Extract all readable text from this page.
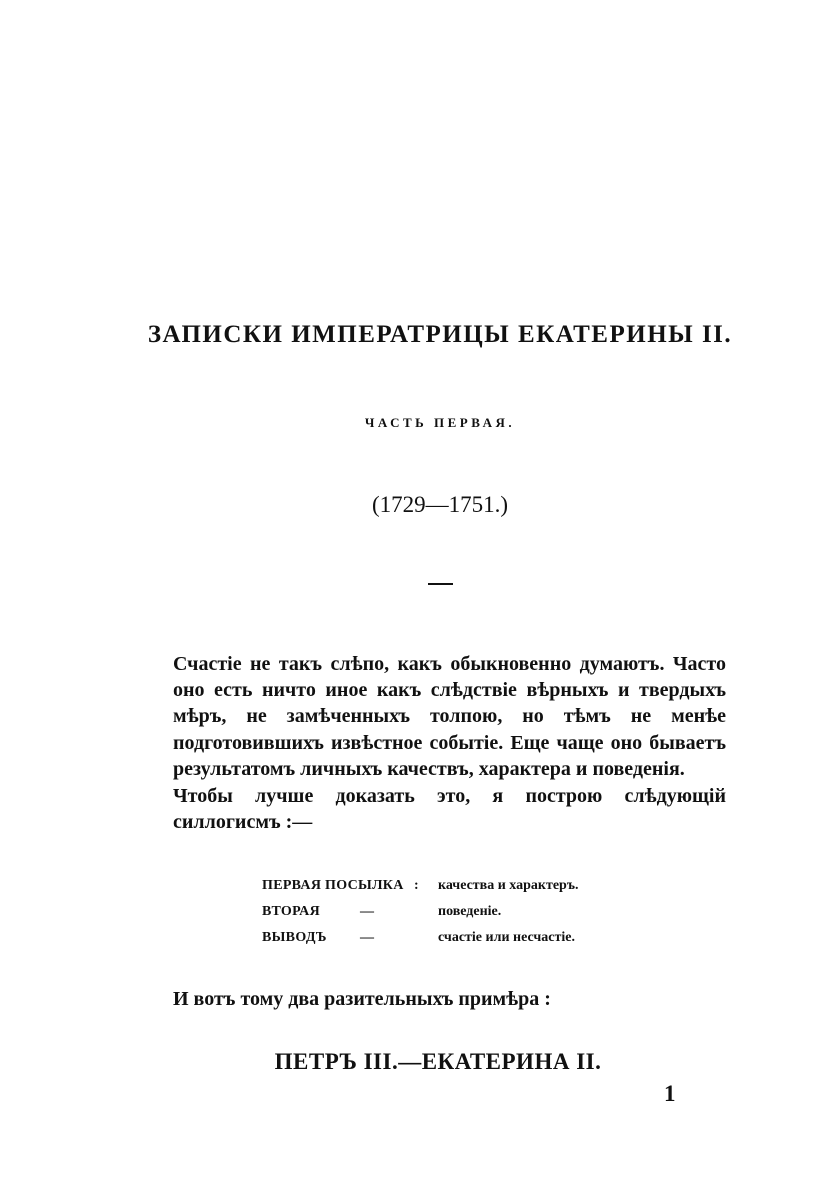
ЗАПИСКИ ИМПЕРАТРИЦЫ ЕКАТЕРИНЫ II.
ЧАСТЬ ПЕРВАЯ.
(1729—1751.)
Счастіе не такъ слѣпо, какъ обыкновенно думаютъ. Часто оно есть ничто иное какъ слѣдствіе вѣрныхъ и твердыхъ мѣръ, не замѣченныхъ толпою, но тѣмъ не менѣе подготовившихъ извѣстное событіе. Еще чаще оно бываетъ результатомъ личныхъ качествъ, характера и поведенія.
Чтобы лучше доказать это, я построю слѣдующій силлогисмъ :—
ПЕРВАЯ ПОСЫЛКА : качества и характеръ.
ВТОРАЯ	—	поведеніе.
ВЫВОДЪ —	счастіе или несчастіе.
И вотъ тому два разительныхъ примѣра :
ПЕТРЪ III.—ЕКАТЕРИНА II.
1
